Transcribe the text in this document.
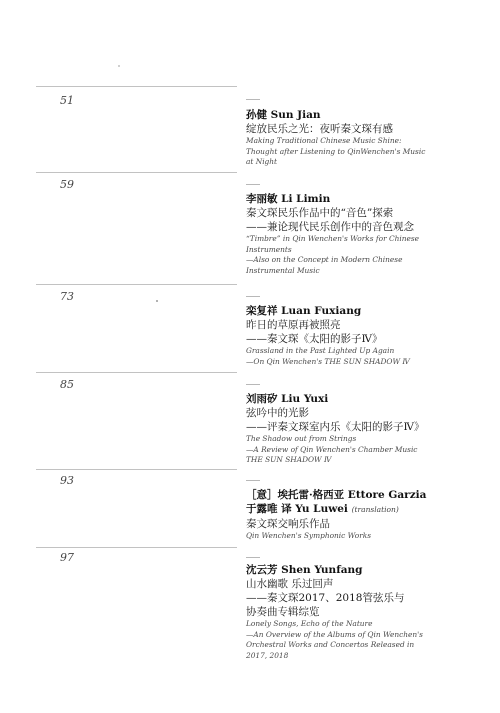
51
孙健 Sun Jian
绽放民乐之光：夜听秦文琛有感
Making Traditional Chinese Music Shine:
Thought after Listening to QinWenchen's Music
at Night
59
李丽敏 Li Limin
秦文琛民乐作品中的“音色”探索
——兼论现代民乐创作中的音色观念
“Timbre” in Qin Wenchen's Works for Chinese
Instruments
—Also on the Concept in Modern Chinese
Instrumental Music
73
栾复祥 Luan Fuxiang
昨日的草原再被照亮
——秦文琛《太阳的影子Ⅳ》
Grassland in the Past Lighted Up Again
—On Qin Wenchen's THE SUN SHADOW Ⅳ
85
刘雨矽 Liu Yuxi
弦吟中的光影
——评秦文琛室内乐《太阳的影子Ⅳ》
The Shadow out from Strings
—A Review of Qin Wenchen's Chamber Music
THE SUN SHADOW Ⅳ
93
［意］埃托雷·格西亚 Ettore Garzia
于露唯 译 Yu Luwei (translation)
秦文琛交响乐作品
Qin Wenchen's Symphonic Works
97
沈云芳 Shen Yunfang
山水幽歌 乐过回声
——秦文琛2017、2018管弦乐与
协奏曲专辑综览
Lonely Songs, Echo of the Nature
—An Overview of the Albums of Qin Wenchen's
Orchestral Works and Concertos Released in
2017, 2018
